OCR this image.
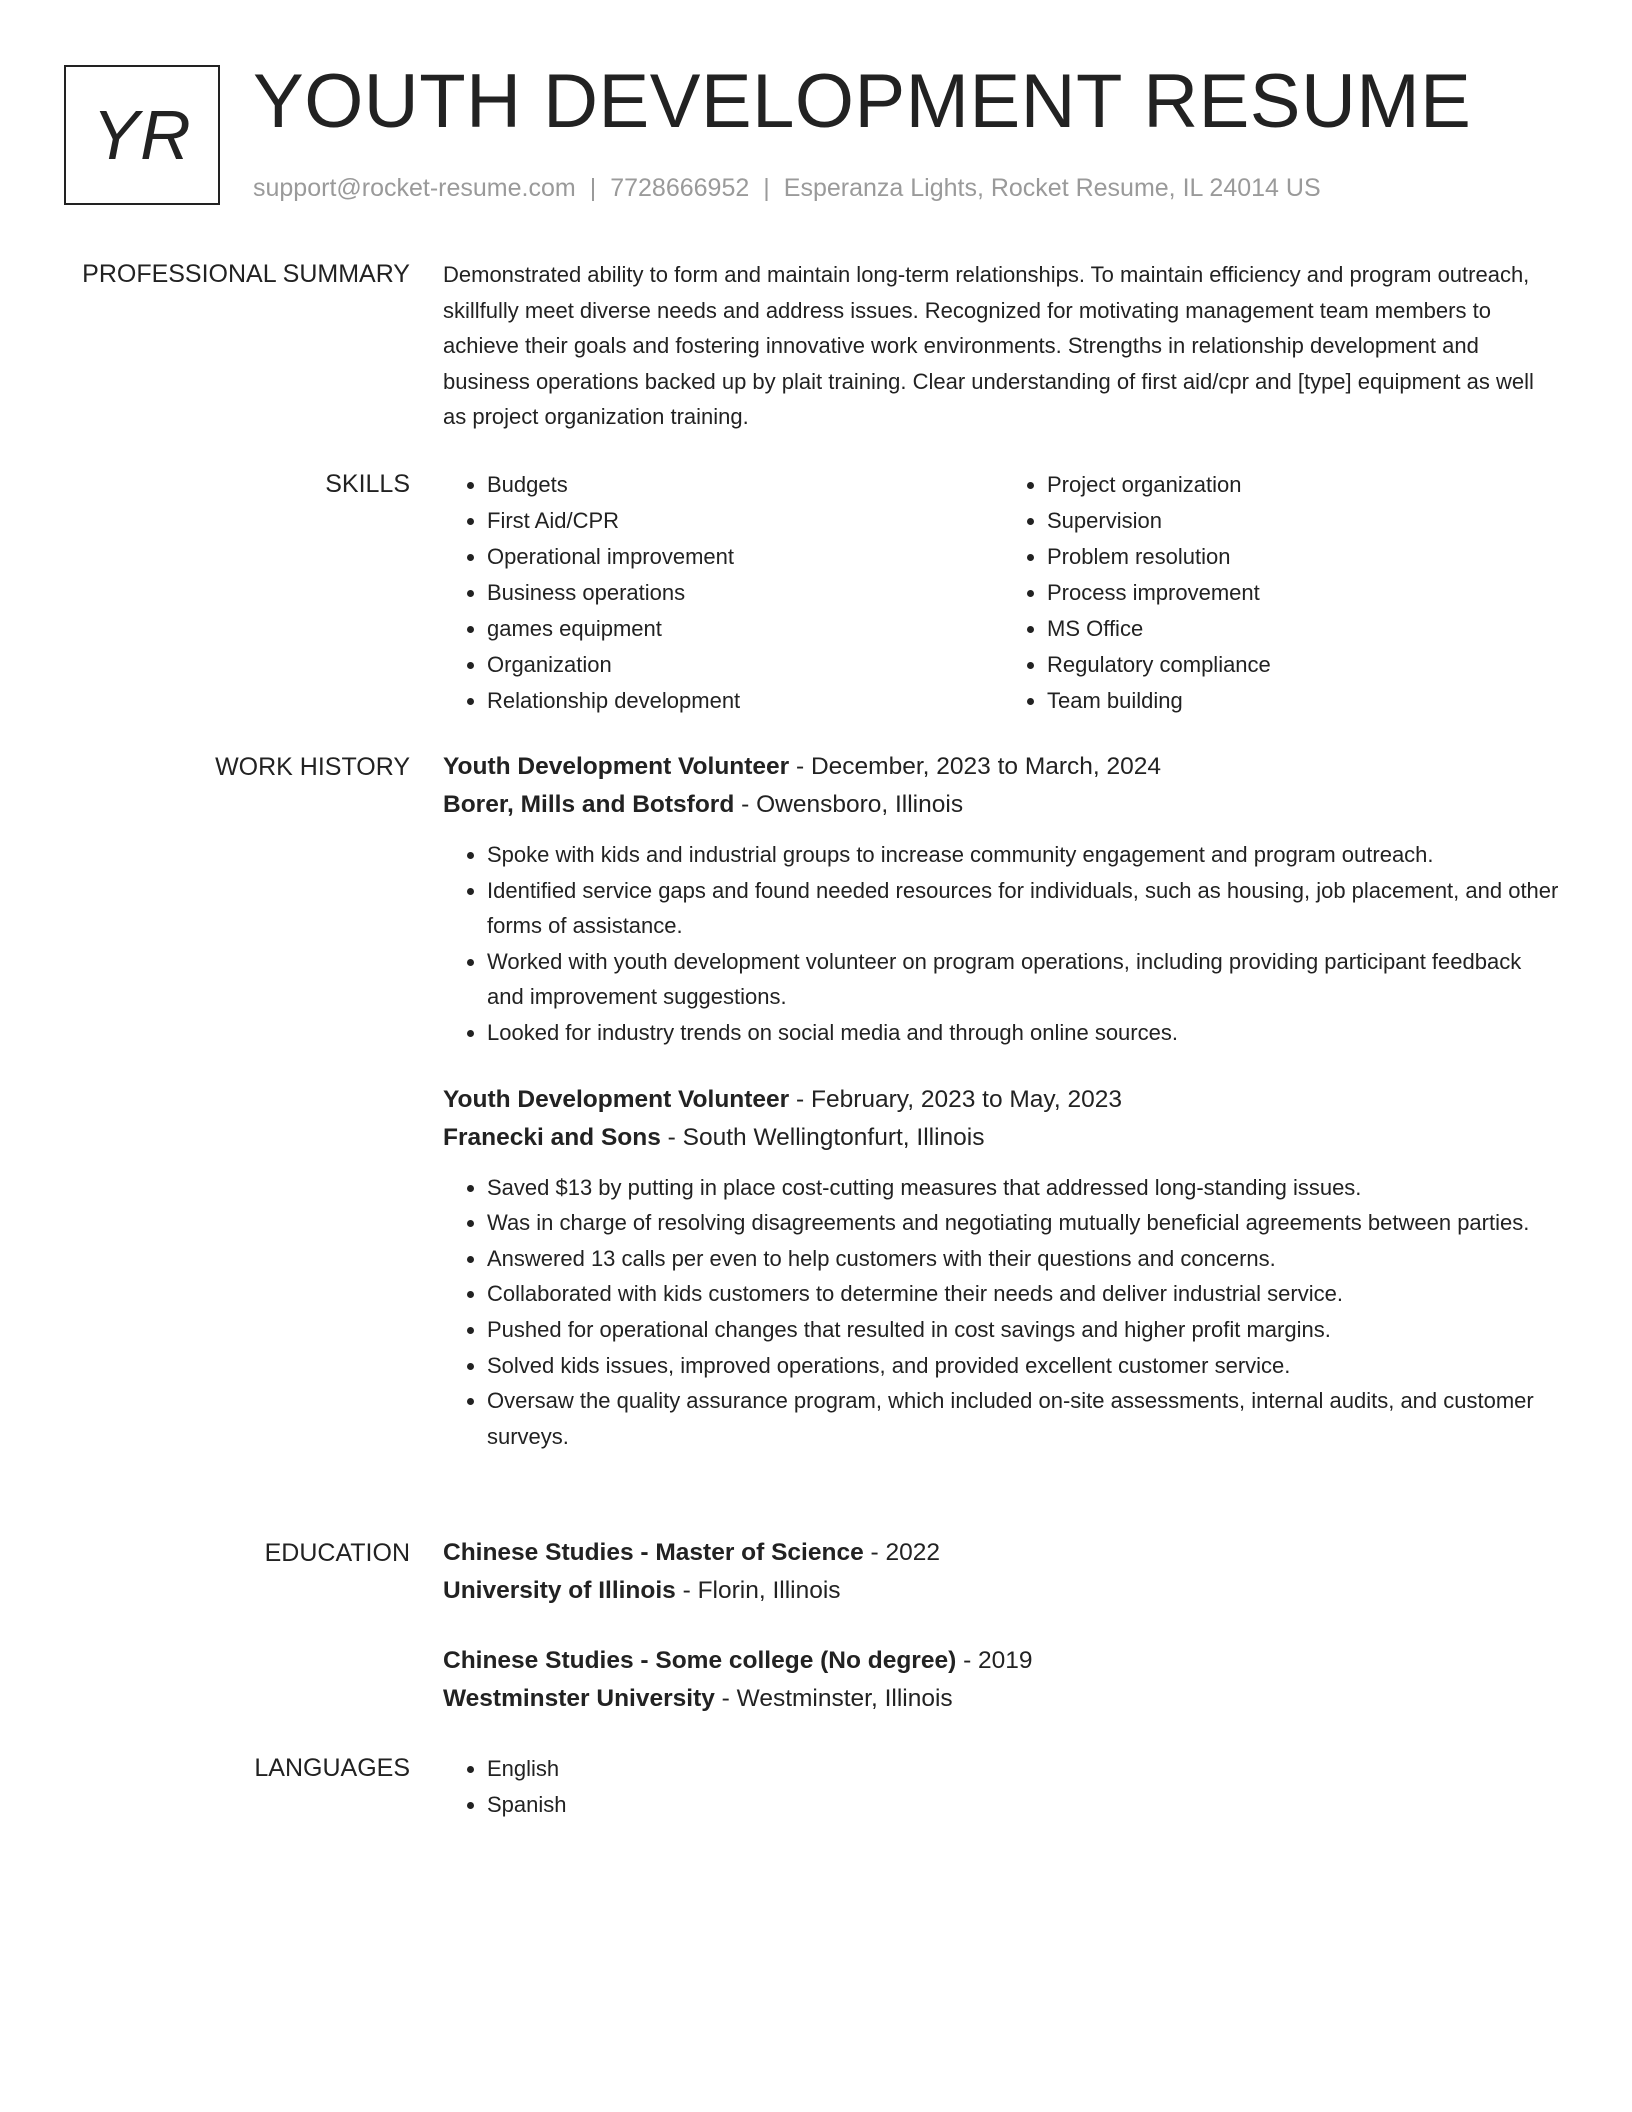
YR YOUTH DEVELOPMENT RESUME
support@rocket-resume.com | 7728666952 | Esperanza Lights, Rocket Resume, IL 24014 US
PROFESSIONAL SUMMARY Demonstrated ability to form and maintain long-term relationships. To maintain efficiency and program outreach, skillfully meet diverse needs and address issues. Recognized for motivating management team members to achieve their goals and fostering innovative work environments. Strengths in relationship development and business operations backed up by plait training. Clear understanding of first aid/cpr and [type] equipment as well as project organization training.

SKILLS	• Budgets
• First Aid/CPR
• Operational improvement
• Business operations
• games equipment
• Organization
• Relationship development
• Project organization
• Supervision
• Problem resolution
• Process improvement
• MS Office
• Regulatory compliance
• Team building
WORK HISTORY Youth Development Volunteer - December, 2023 to March, 2024
Borer, Mills and Botsford - Owensboro, Illinois
• Spoke with kids and industrial groups to increase community engagement and program outreach.
• Identified service gaps and found needed resources for individuals, such as housing, job placement, and other forms of assistance.
• Worked with youth development volunteer on program operations, including providing participant feedback and improvement suggestions.
• Looked for industry trends on social media and through online sources.
Youth Development Volunteer - February, 2023 to May, 2023
Franecki and Sons - South Wellingtonfurt, Illinois
• Saved $13 by putting in place cost-cutting measures that addressed long-standing issues.
• Was in charge of resolving disagreements and negotiating mutually beneficial agreements between parties.
• Answered 13 calls per even to help customers with their questions and concerns.
• Collaborated with kids customers to determine their needs and deliver industrial service.
• Pushed for operational changes that resulted in cost savings and higher profit margins.
• Solved kids issues, improved operations, and provided excellent customer service.
• Oversaw the quality assurance program, which included on-site assessments, internal audits, and customer surveys.
EDUCATION Chinese Studies - Master of Science - 2022
University of Illinois - Florin, Illinois
Chinese Studies - Some college (No degree) - 2019
Westminster University - Westminster, Illinois
LANGUAGES	• English
• Spanish
